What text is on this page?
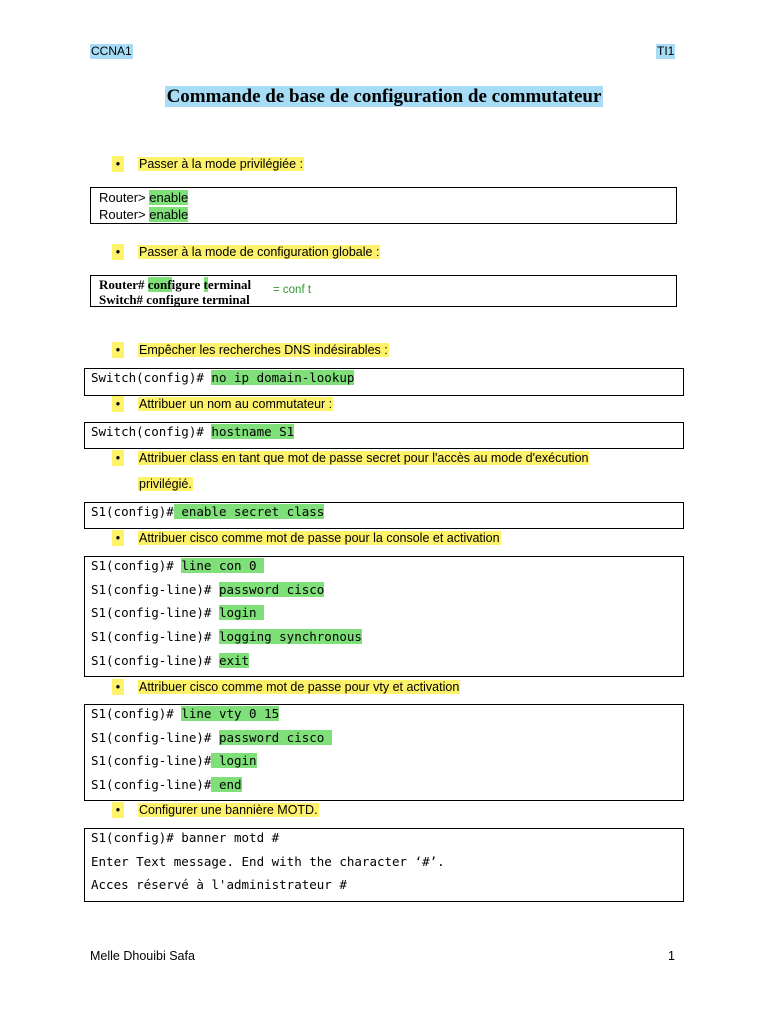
CCNA1	TI1
Commande de base de configuration de commutateur
•	Passer à la mode privilégiée :
Router> enable
Router> enable
•	Passer à la mode de configuration globale :
Router# configure terminal
Switch# configure terminal
= conf t
•	Empêcher les recherches DNS indésirables :
Switch(config)# no ip domain-lookup
•	Attribuer un nom au commutateur :
Switch(config)# hostname S1
•	Attribuer class en tant que mot de passe secret pour l'accès au mode d'exécution
privilégié.
S1(config)# enable secret class
•	Attribuer cisco comme mot de passe pour la console et activation
S1(config)# line con 0
S1(config-line)# password cisco
S1(config-line)# login
S1(config-line)# logging synchronous
S1(config-line)# exit
•	Attribuer cisco comme mot de passe pour vty et activation
S1(config)# line vty 0 15
S1(config-line)# password cisco
S1(config-line)# login
S1(config-line)# end
•	Configurer une bannière MOTD.
S1(config)# banner motd #
Enter Text message. End with the character ‘#’.
Acces réservé à l'administrateur #
Melle Dhouibi Safa	1
